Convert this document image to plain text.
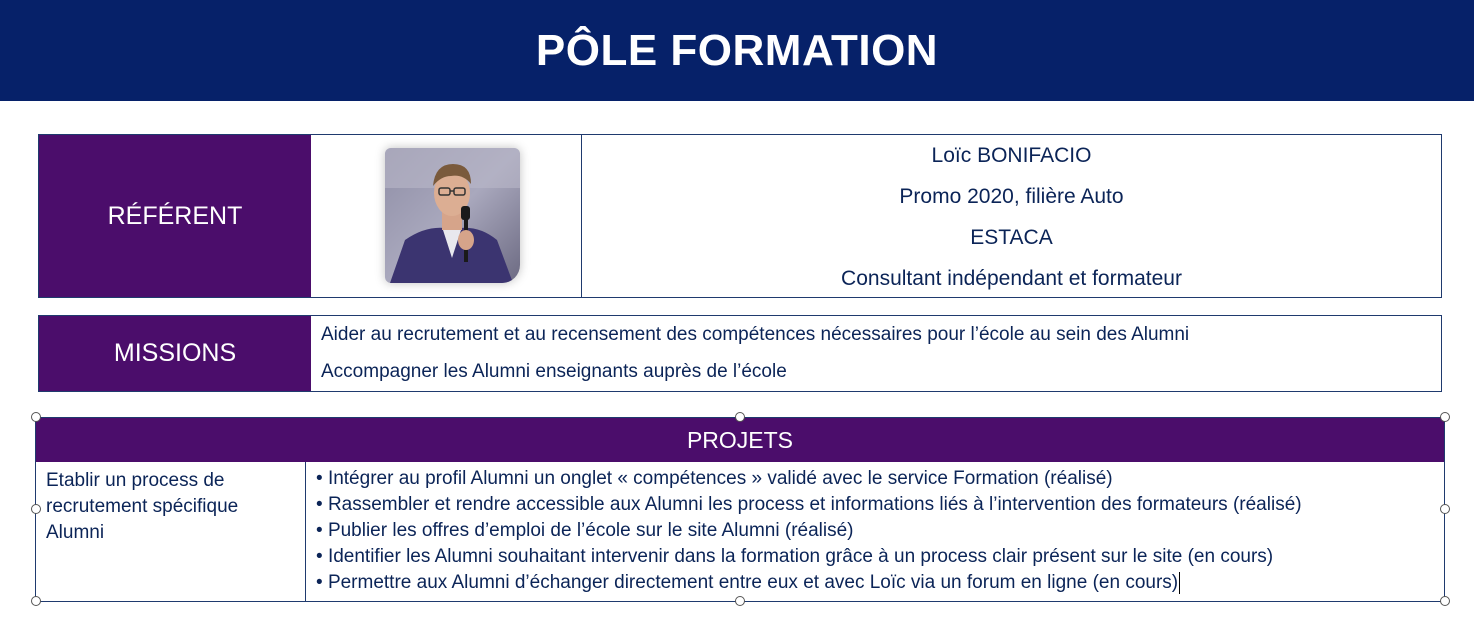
PÔLE FORMATION
RÉFÉRENT
Loïc BONIFACIO
Promo 2020, filière Auto
ESTACA
Consultant indépendant et formateur
MISSIONS
Aider au recrutement et au recensement des compétences nécessaires pour l’école au sein des Alumni
Accompagner les Alumni enseignants auprès de l’école
PROJETS
Etablir un process de recrutement spécifique Alumni
• Intégrer au profil Alumni un onglet « compétences » validé avec le service Formation (réalisé)
• Rassembler et rendre accessible aux Alumni les process et informations liés à l’intervention des formateurs (réalisé)
• Publier les offres d’emploi de l’école sur le site Alumni (réalisé)
• Identifier les Alumni souhaitant intervenir dans la formation grâce à un process clair présent sur le site (en cours)
• Permettre aux Alumni d’échanger directement entre eux et avec Loïc via un forum en ligne (en cours)
